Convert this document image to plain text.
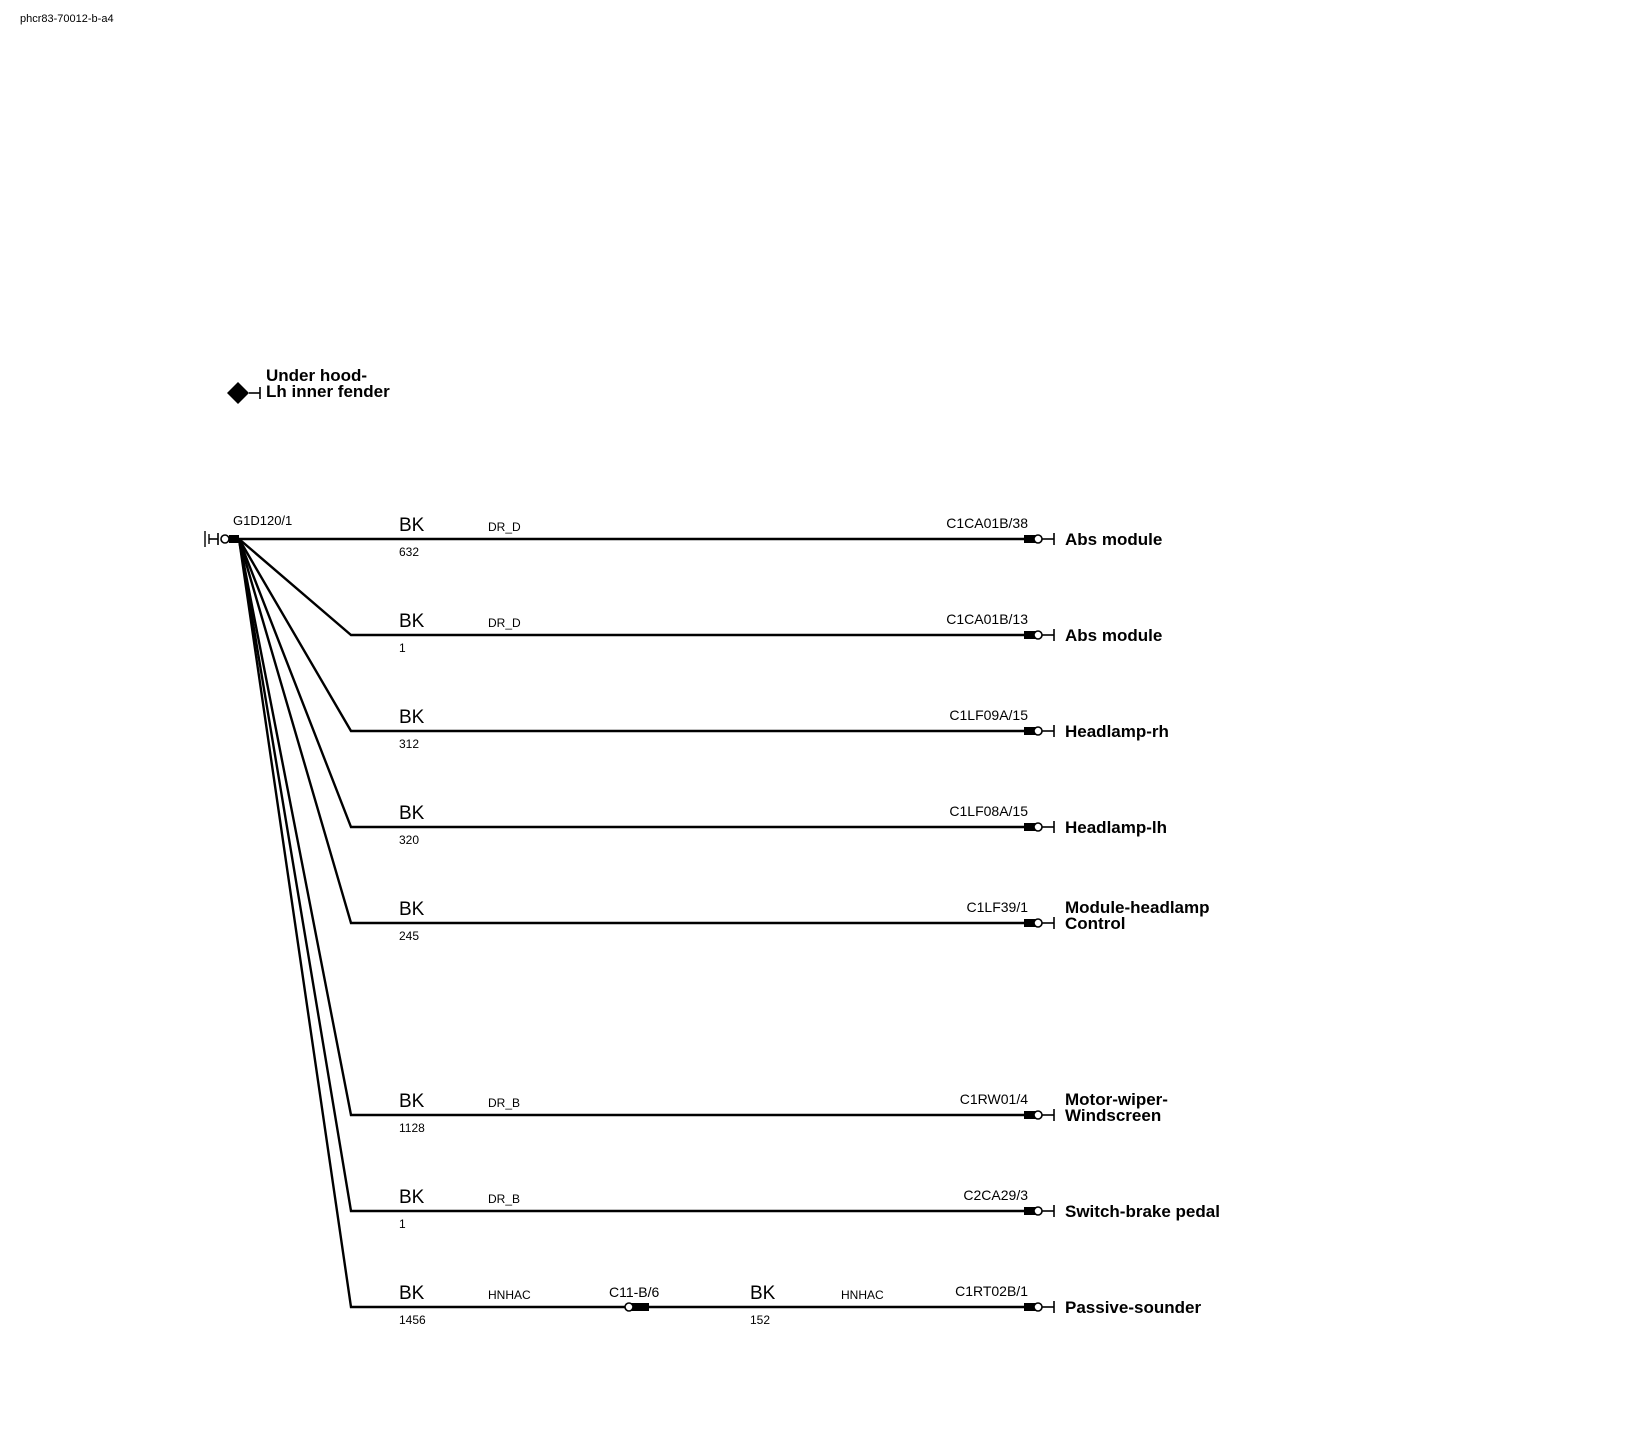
phcr83-70012-b-a4
Under hood-
Lh inner fender
G1D120/1	BK
632
DR_D	C1CA01B/38
Abs module
BK
1
DR_D	C1CA01B/13
Abs module
BK
312
C1LF09A/15
Headlamp-rh
BK
320
C1LF08A/15
Headlamp-lh
BK
245
C1LF39/1 Module-headlamp
Control
BK
1128
DR_B	C1RW01/4 Motor-wiper-
Windscreen
BK
1
DR_B	C2CA29/3
Switch-brake pedal
BK
1456
HNHAC	C11-B/6	BK
152
HNHAC	C1RT02B/1
Passive-sounder
